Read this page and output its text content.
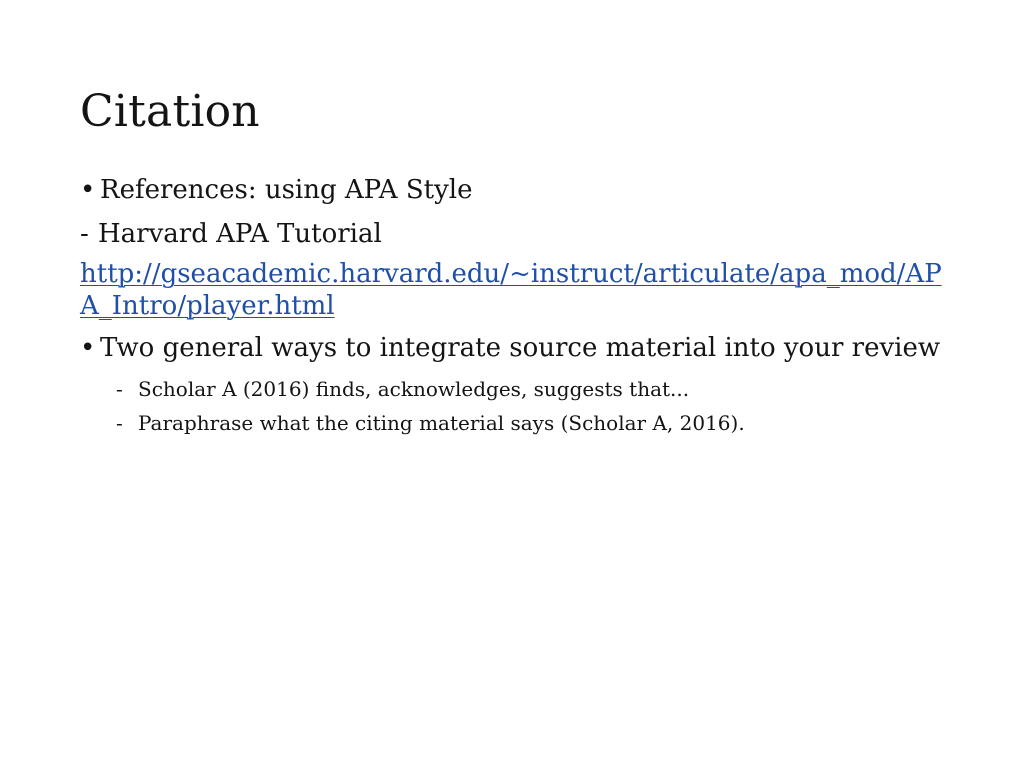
Citation
• References: using APA Style
- Harvard APA Tutorial
http://gseacademic.harvard.edu/~instruct/articulate/apa_mod/APA_Intro/player.html
• Two general ways to integrate source material into your review
- Scholar A (2016) finds, acknowledges, suggests that...
- Paraphrase what the citing material says (Scholar A, 2016).
